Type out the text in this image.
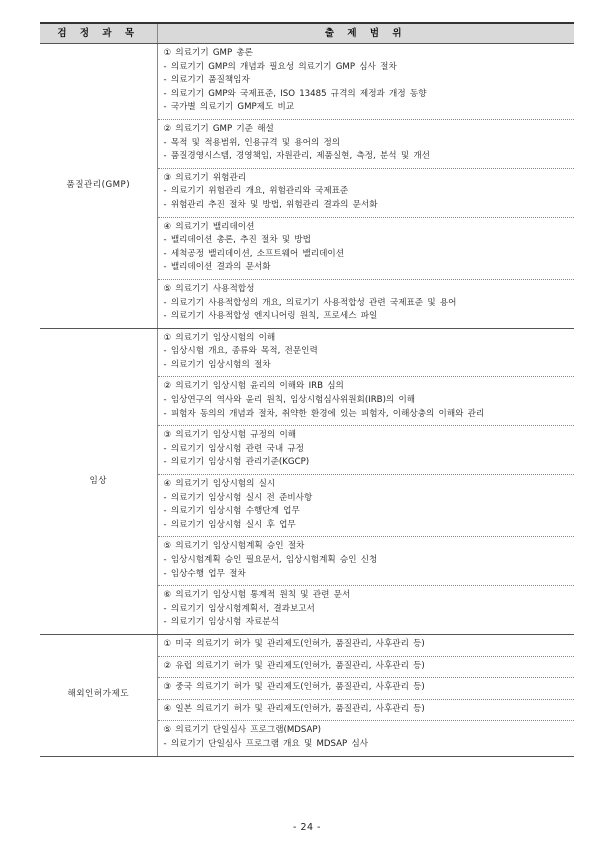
검 정 과 목	출 제 범 위
품질관리(GMP)	① 의료기기 GMP 총론
- 의료기기 GMP의 개념과 필요성 의료기기 GMP 심사 절차
- 의료기기 품질책임자
- 의료기기 GMP와 국제표준, ISO 13485 규격의 제정과 개정 동향
- 국가별 의료기기 GMP제도 비교

	② 의료기기 GMP 기준 해설
- 목적 및 적용범위, 인용규격 및 용어의 정의
- 품질경영시스템, 경영책임, 자원관리, 제품실현, 측정, 분석 및 개선

	③ 의료기기 위험관리
- 의료기기 위험관리 개요, 위험관리와 국제표준
- 위험관리 추진 절차 및 방법, 위험관리 결과의 문서화

	④ 의료기기 밸리데이션
- 밸리데이션 총론, 추진 절차 및 방법
- 세척공정 밸리데이션, 소프트웨어 밸리데이션
- 밸리데이션 결과의 문서화

	⑤ 의료기기 사용적합성
- 의료기기 사용적합성의 개요, 의료기기 사용적합성 관련 국제표준 및 용어
- 의료기기 사용적합성 엔지니어링 원칙, 프로세스 파일

임상	① 의료기기 임상시험의 이해
- 임상시험 개요, 종류와 목적, 전문인력
- 의료기기 임상시험의 절차

	② 의료기기 임상시험 윤리의 이해와 IRB 심의
- 임상연구의 역사와 윤리 원칙, 임상시험심사위원회(IRB)의 이해
- 피험자 동의의 개념과 절차, 취약한 환경에 있는 피험자, 이해상충의 이해와 관리

	③ 의료기기 임상시험 규정의 이해
- 의료기기 임상시험 관련 국내 규정
- 의료기기 임상시험 관리기준(KGCP)

	④ 의료기기 임상시험의 실시
- 의료기기 임상시험 실시 전 준비사항
- 의료기기 임상시험 수행단계 업무
- 의료기기 임상시험 실시 후 업무

	⑤ 의료기기 임상시험계획 승인 절차
- 임상시험계획 승인 필요문서, 임상시험계획 승인 신청
- 임상수행 업무 절차

	⑥ 의료기기 임상시험 통계적 원칙 및 관련 문서
- 의료기기 임상시험계획서, 결과보고서
- 의료기기 임상시험 자료분석

해외인허가제도	① 미국 의료기기 허가 및 관리제도(인허가, 품질관리, 사후관리 등)

	② 유럽 의료기기 허가 및 관리제도(인허가, 품질관리, 사후관리 등)

	③ 중국 의료기기 허가 및 관리제도(인허가, 품질관리, 사후관리 등)

	④ 일본 의료기기 허가 및 관리제도(인허가, 품질관리, 사후관리 등)

	⑤ 의료기기 단일심사 프로그램(MDSAP)
- 의료기기 단일심사 프로그램 개요 및 MDSAP 심사
- 24 -
